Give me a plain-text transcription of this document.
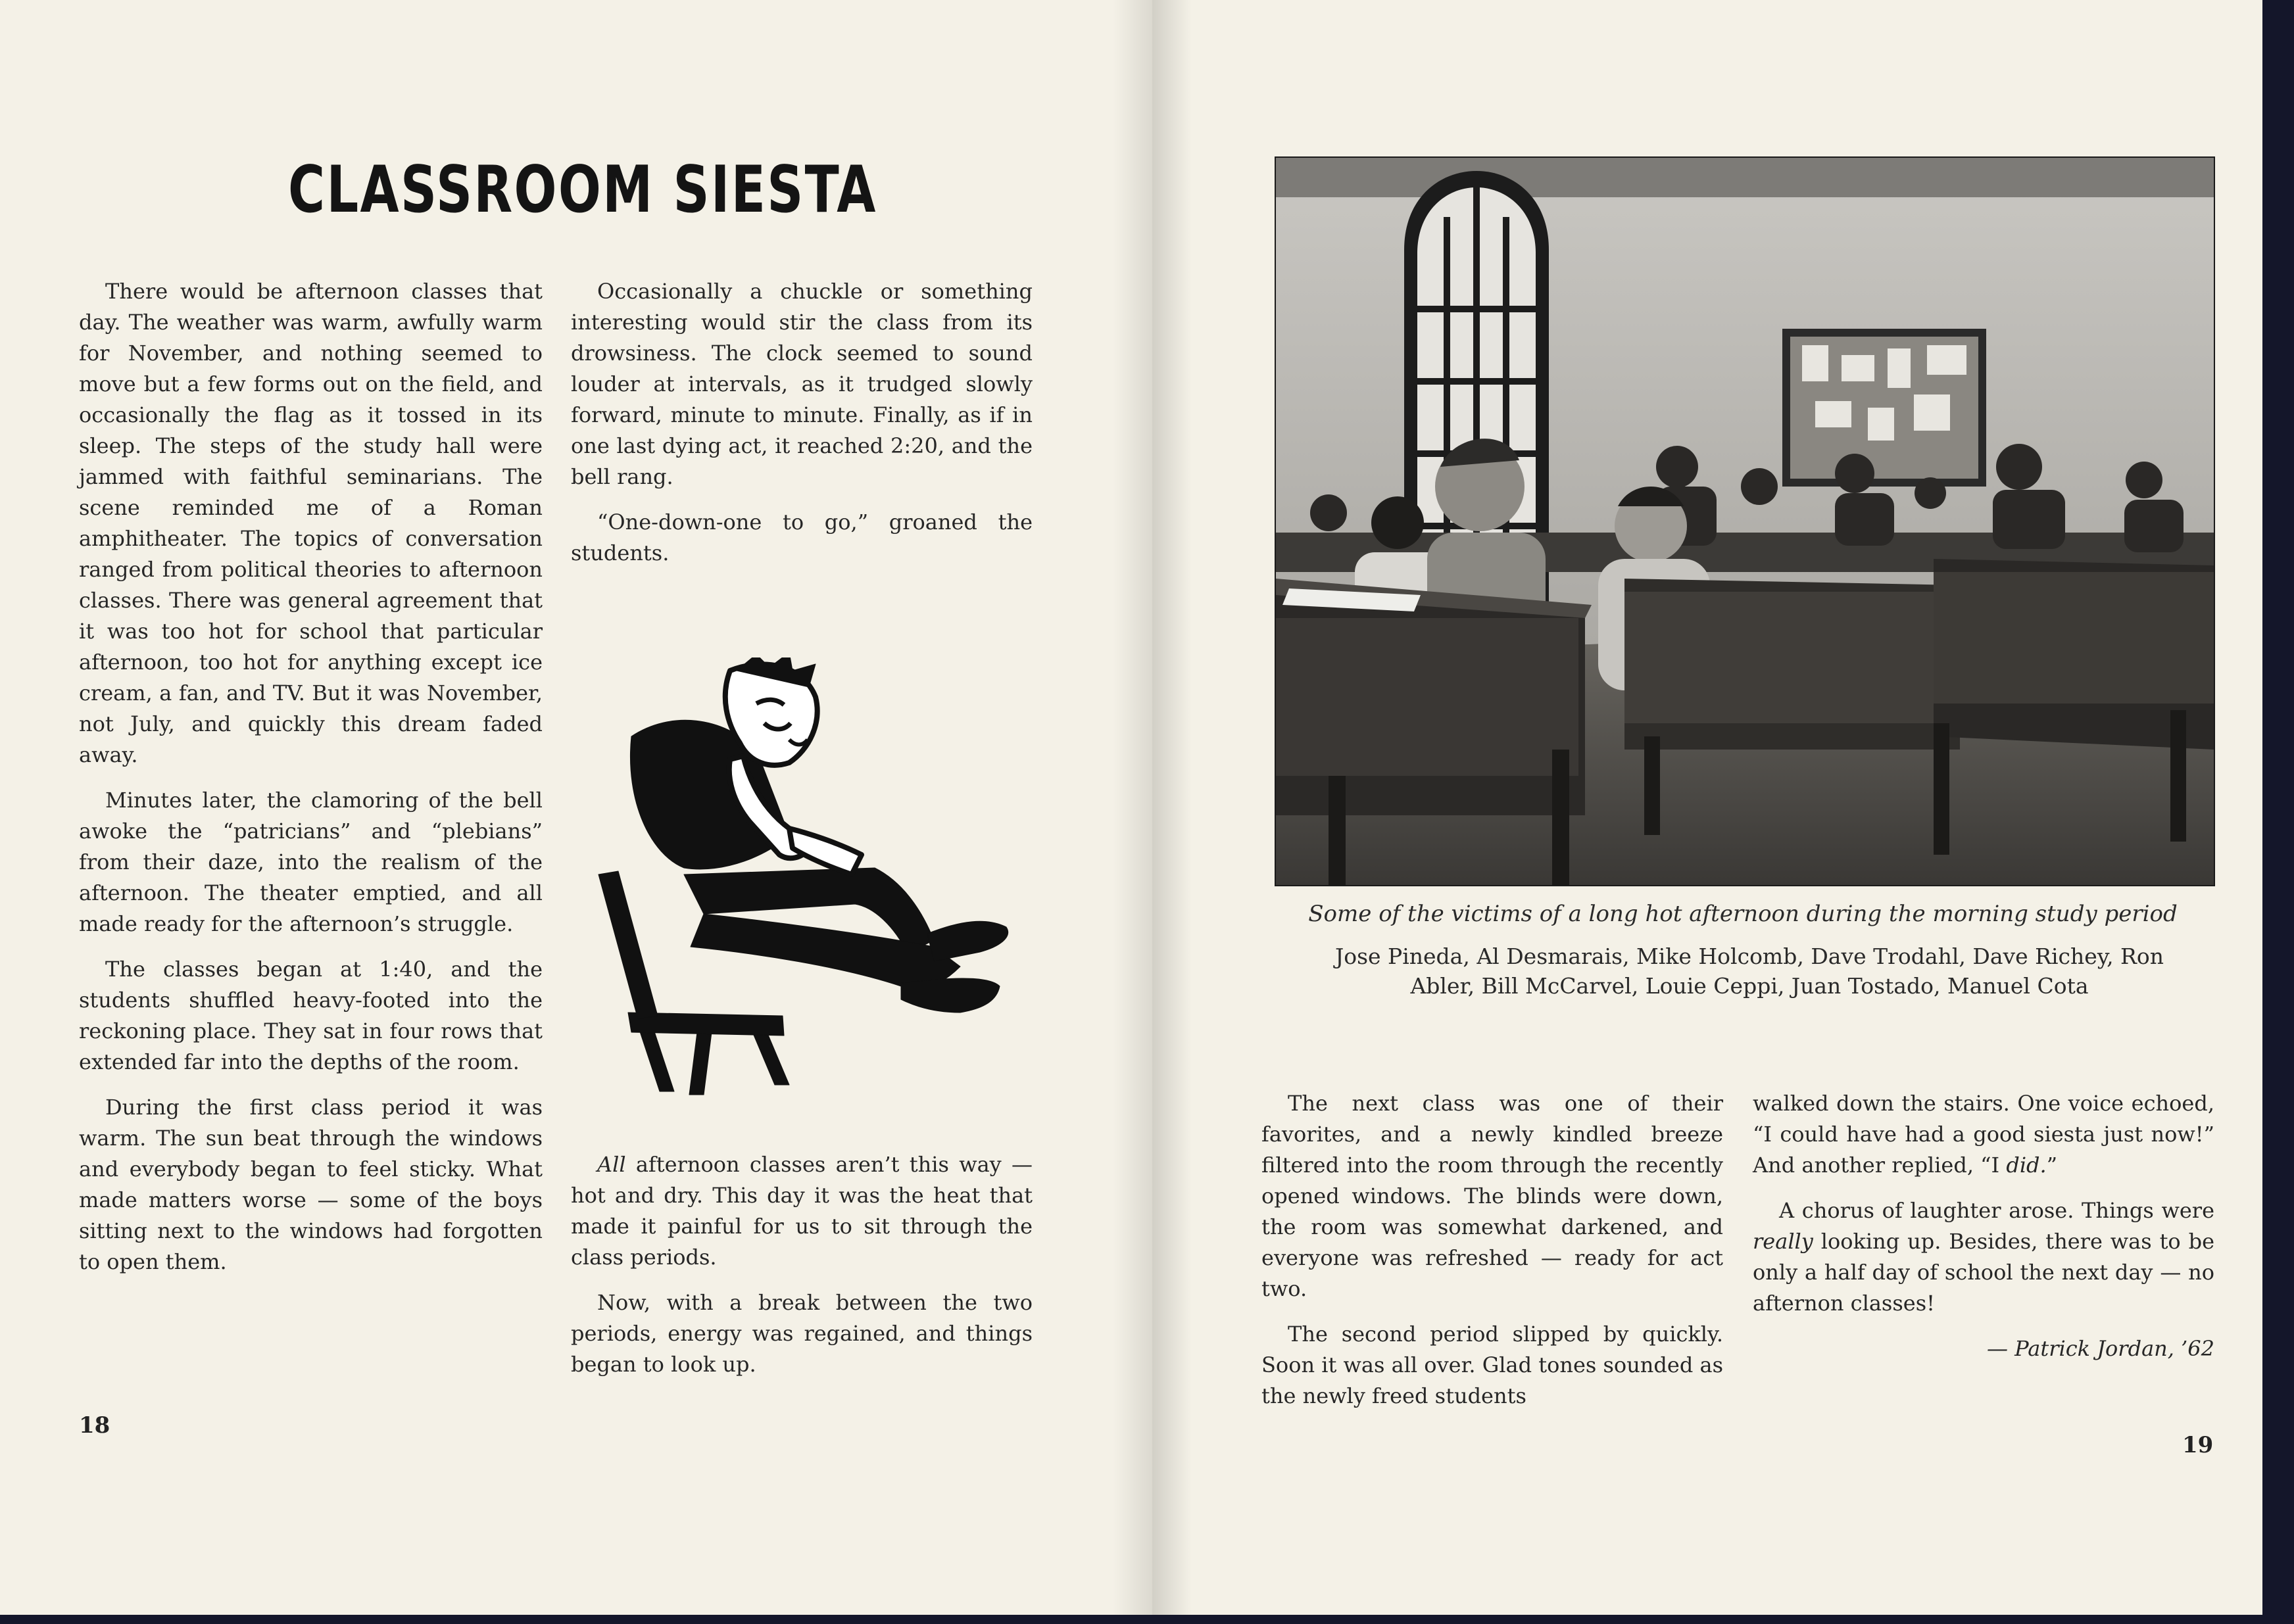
CLASSROOM SIESTA

There would be afternoon classes that day. The weather was warm, awfully warm for November, and nothing seemed to move but a few forms out on the field, and occasionally the flag as it tossed in its sleep. The steps of the study hall were jammed with faithful seminarians. The scene reminded me of a Roman amphitheater. The topics of conversation ranged from political theories to afternoon classes. There was general agreement that it was too hot for school that particular afternoon, too hot for anything except ice cream, a fan, and TV. But it was November, not July, and quickly this dream faded away.

Minutes later, the clamoring of the bell awoke the “patricians” and “plebians” from their daze, into the realism of the afternoon. The theater emptied, and all made ready for the afternoon’s struggle.

The classes began at 1:40, and the students shuffled heavy-footed into the reckoning place. They sat in four rows that extended far into the depths of the room.

During the first class period it was warm. The sun beat through the windows and everybody began to feel sticky. What made matters worse — some of the boys sitting next to the windows had forgotten to open them.

Occasionally a chuckle or something interesting would stir the class from its drowsiness. The clock seemed to sound louder at intervals, as it trudged slowly forward, minute to minute. Finally, as if in one last dying act, it reached 2:20, and the bell rang.

“One-down-one to go,” groaned the students.

All afternoon classes aren’t this way — hot and dry. This day it was the heat that made it painful for us to sit through the class periods.

Now, with a break between the two periods, energy was regained, and things began to look up.

18
Some of the victims of a long hot afternoon during the morning study period
Jose Pineda, Al Desmarais, Mike Holcomb, Dave Trodahl, Dave Richey, Ron Abler, Bill McCarvel, Louie Ceppi, Juan Tostado, Manuel Cota

The next class was one of their favorites, and a newly kindled breeze filtered into the room through the recently opened windows. The blinds were down, the room was somewhat darkened, and everyone was refreshed — ready for act two.

The second period slipped by quickly. Soon it was all over. Glad tones sounded as the newly freed students

walked down the stairs. One voice echoed, “I could have had a good siesta just now!” And another replied, “I did.”

A chorus of laughter arose. Things were really looking up. Besides, there was to be only a half day of school the next day — no afternon classes!

— Patrick Jordan, ’62
19
